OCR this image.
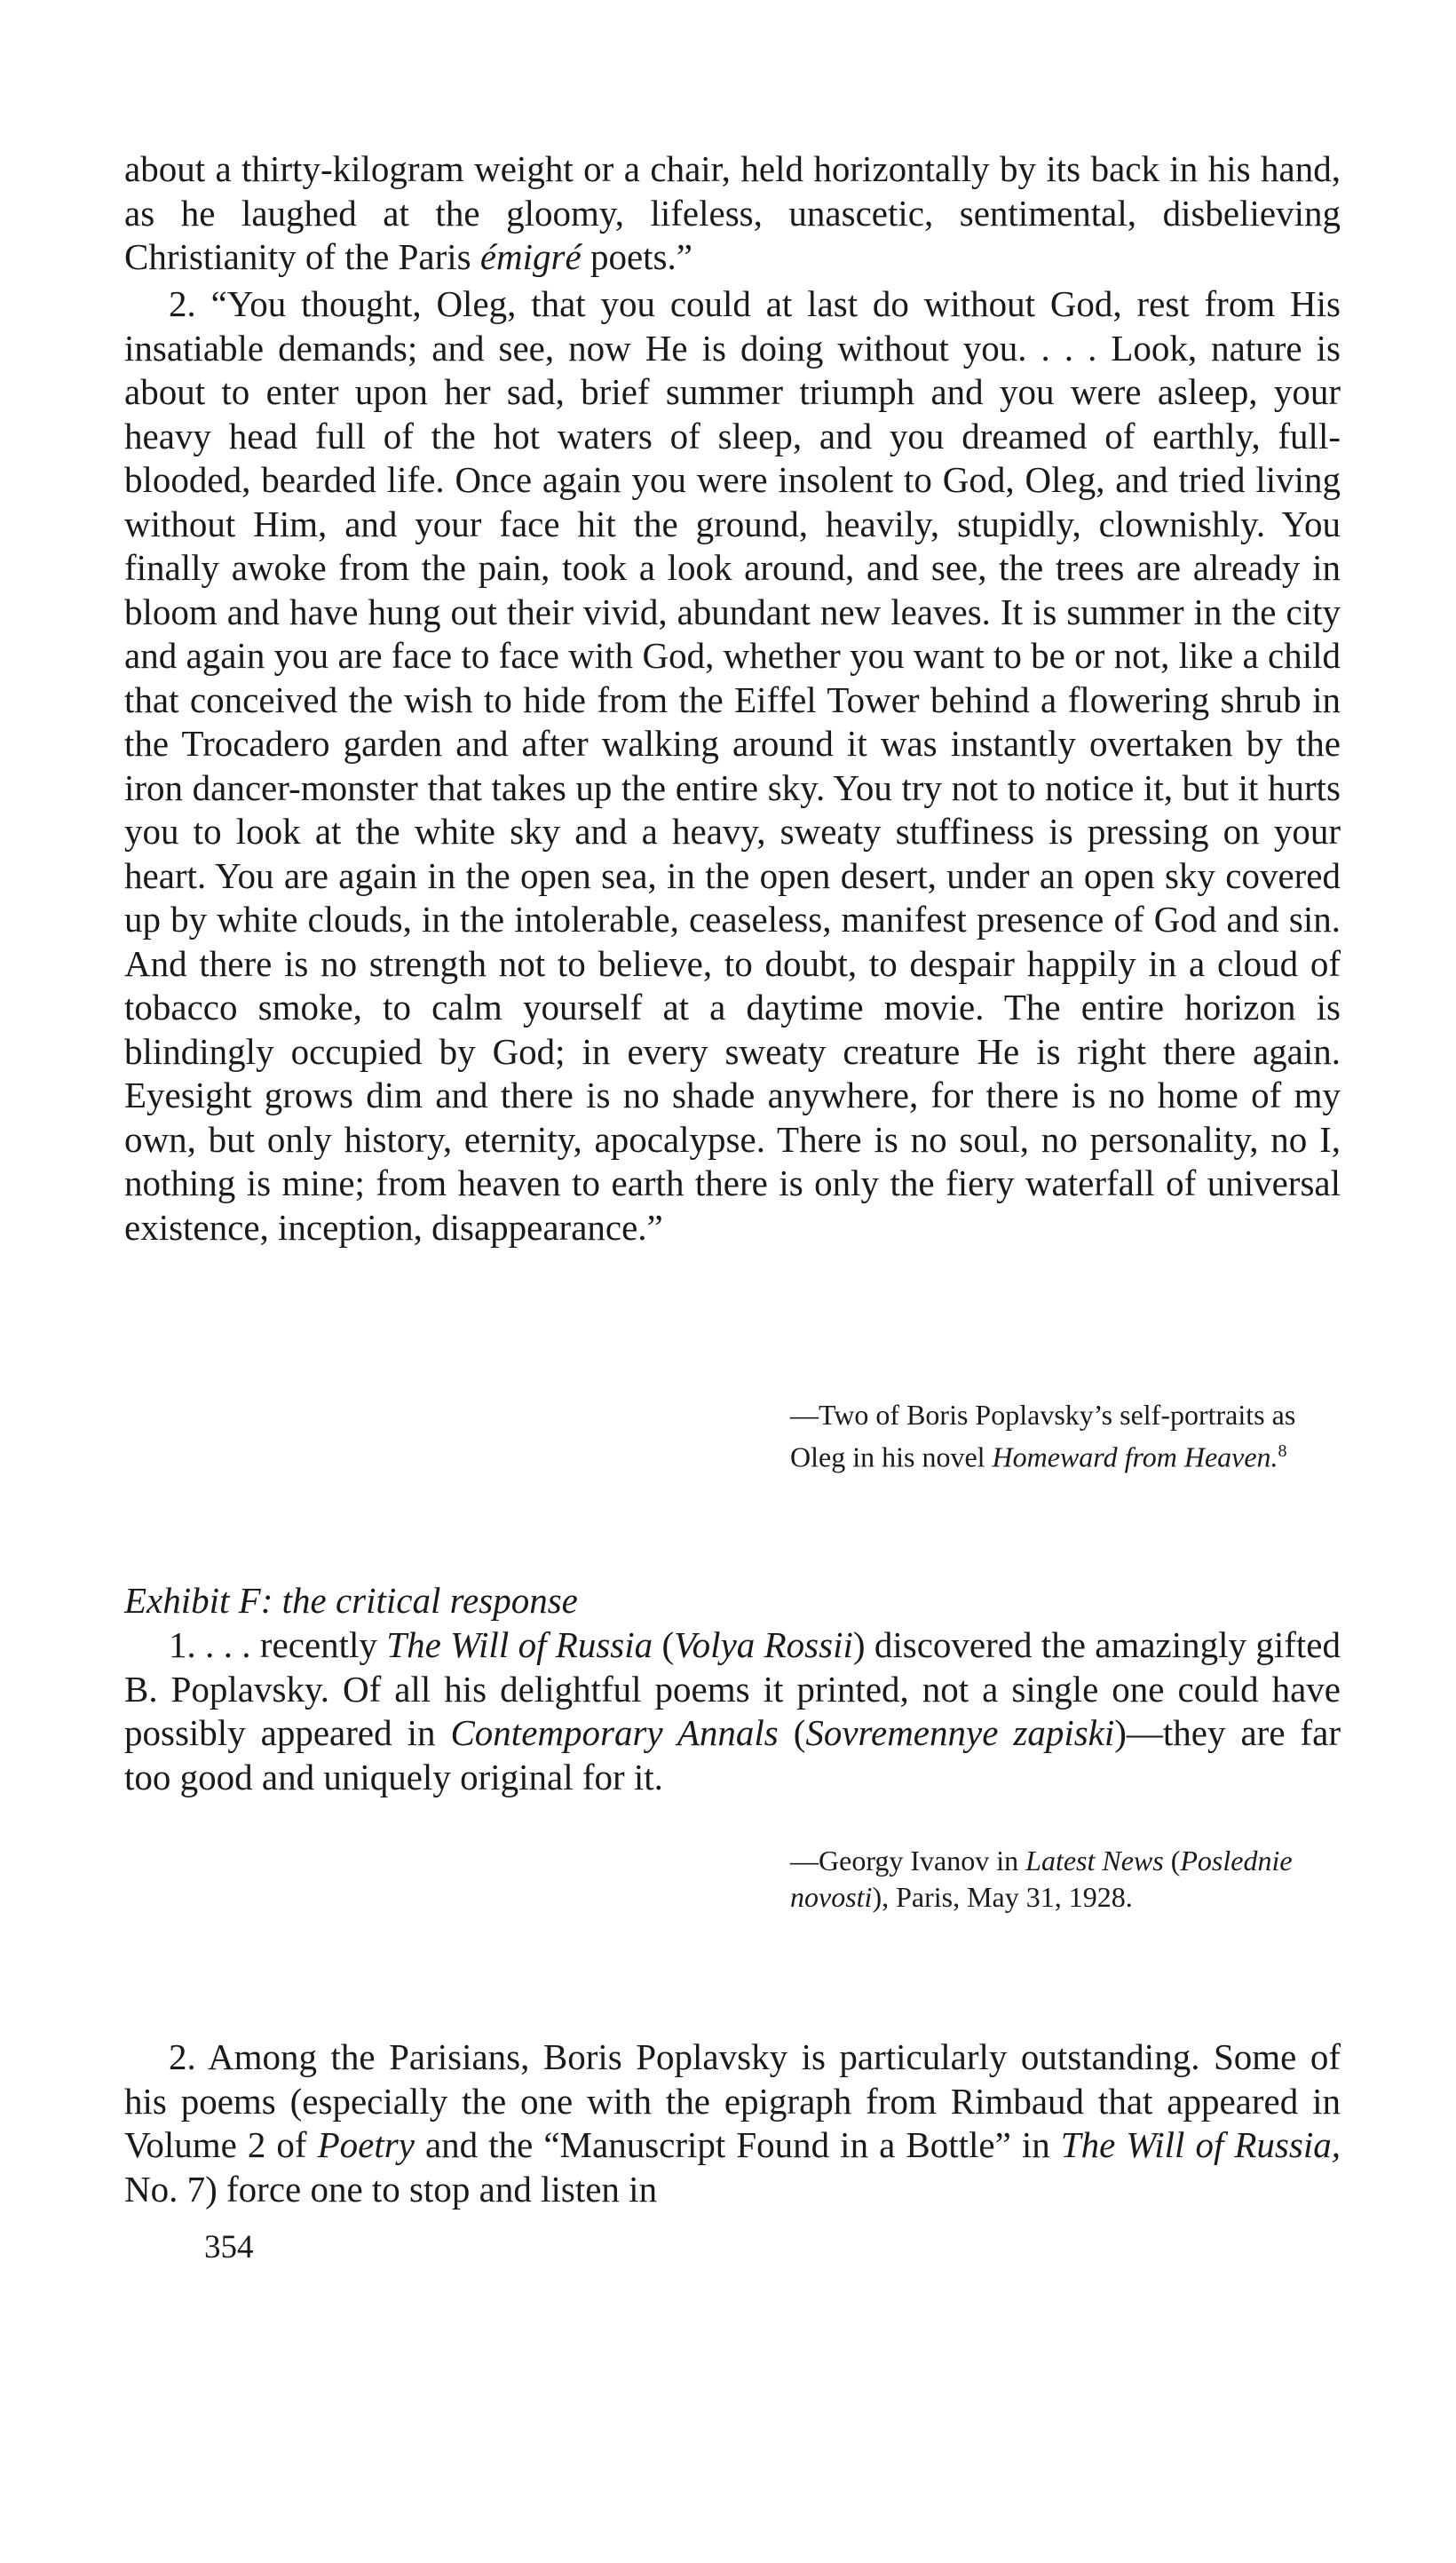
about a thirty-kilogram weight or a chair, held horizontally by its back in his hand, as he laughed at the gloomy, lifeless, unascetic, sentimental, disbelieving Christianity of the Paris émigré poets.”

2. “You thought, Oleg, that you could at last do without God, rest from His insatiable demands; and see, now He is doing without you. . . . Look, nature is about to enter upon her sad, brief summer triumph and you were asleep, your heavy head full of the hot waters of sleep, and you dreamed of earthly, full-blooded, bearded life. Once again you were insolent to God, Oleg, and tried living without Him, and your face hit the ground, heavily, stupidly, clownishly. You finally awoke from the pain, took a look around, and see, the trees are already in bloom and have hung out their vivid, abundant new leaves. It is summer in the city and again you are face to face with God, whether you want to be or not, like a child that conceived the wish to hide from the Eiffel Tower behind a flowering shrub in the Trocadero garden and after walking around it was instantly overtaken by the iron dancer-monster that takes up the entire sky. You try not to notice it, but it hurts you to look at the white sky and a heavy, sweaty stuffiness is pressing on your heart. You are again in the open sea, in the open desert, under an open sky covered up by white clouds, in the intolerable, ceaseless, manifest presence of God and sin. And there is no strength not to believe, to doubt, to despair happily in a cloud of tobacco smoke, to calm yourself at a daytime movie. The entire horizon is blindingly occupied by God; in every sweaty creature He is right there again. Eyesight grows dim and there is no shade anywhere, for there is no home of my own, but only history, eternity, apocalypse. There is no soul, no personality, no I, nothing is mine; from heaven to earth there is only the fiery waterfall of universal existence, inception, disappearance.”

—Two of Boris Poplavsky’s self-portraits as Oleg in his novel Homeward from Heaven.$^8$

Exhibit F: the critical response

1. . . . recently The Will of Russia (Volya Rossii) discovered the amazingly gifted B. Poplavsky. Of all his delightful poems it printed, not a single one could have possibly appeared in Contemporary Annals (Sovremennye zapiski)—they are far too good and uniquely original for it.

—Georgy Ivanov in Latest News (Poslednie novosti), Paris, May 31, 1928.

2. Among the Parisians, Boris Poplavsky is particularly outstanding. Some of his poems (especially the one with the epigraph from Rimbaud that appeared in Volume 2 of Poetry and the “Manuscript Found in a Bottle” in The Will of Russia, No. 7) force one to stop and listen in

354
